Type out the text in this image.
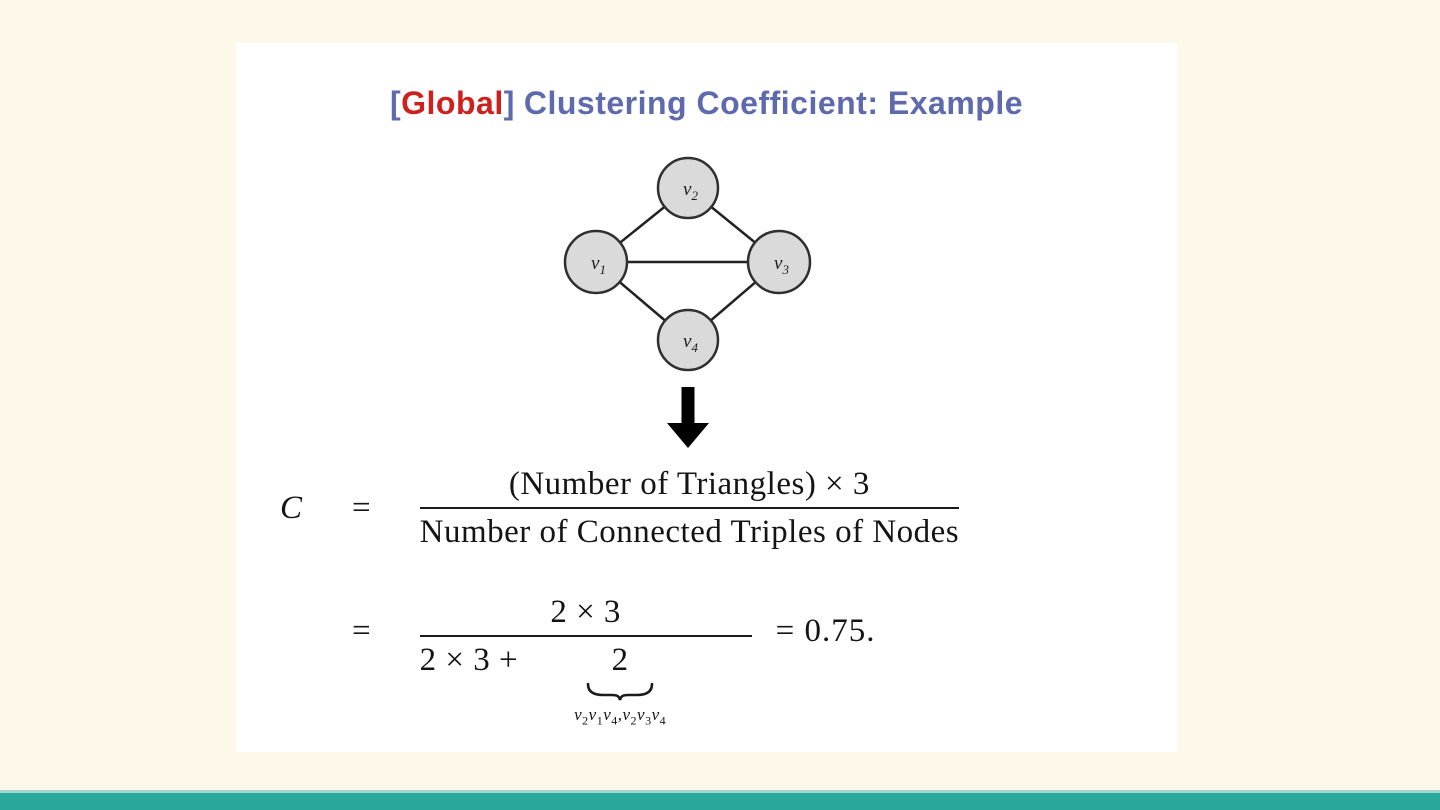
[Global] Clustering Coefficient: Example
$v_2$
$v_1$	$v_3$
$v_4$
C	= $\frac{\text{(Number of Triangles) × 3}}{\text{Number of Connected Triples of Nodes}}$
=
2 × 3
2 × 3 +	2
$v_2v_1v_4,v_2v_3v_4$
= 0.75.
